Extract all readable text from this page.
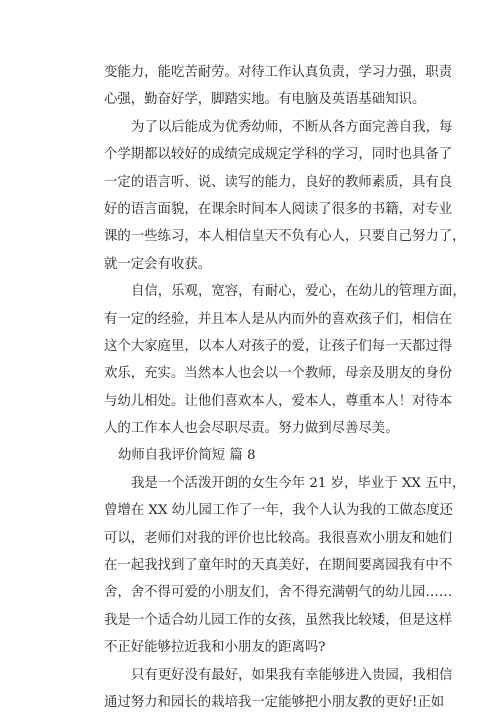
变能力，能吃苦耐劳。对待工作认真负责，学习力强，职责
心强，勤奋好学，脚踏实地。有电脑及英语基础知识。
为了以后能成为优秀幼师，不断从各方面完善自我，每
个学期都以较好的成绩完成规定学科的学习，同时也具备了
一定的语言听、说、读写的能力，良好的教师素质，具有良
好的语言面貌，在课余时间本人阅读了很多的书籍，对专业
课的一些练习，本人相信皇天不负有心人，只要自己努力了，
就一定会有收获。
自信，乐观，宽容，有耐心，爱心，在幼儿的管理方面，
有一定的经验，并且本人是从内而外的喜欢孩子们，相信在
这个大家庭里，以本人对孩子的爱，让孩子们每一天都过得
欢乐，充实。当然本人也会以一个教师，母亲及朋友的身份
与幼儿相处。让他们喜欢本人，爱本人，尊重本人！对待本
人的工作本人也会尽职尽责。努力做到尽善尽美。
幼师自我评价简短 篇 8
我是一个活泼开朗的女生今年 21 岁，毕业于 XX 五中，
曾增在 XX 幼儿园工作了一年，我个人认为我的工做态度还
可以，老师们对我的评价也比较高。我很喜欢小朋友和她们
在一起我找到了童年时的天真美好，在期间要离园我有中不
舍，舍不得可爱的小朋友们，舍不得充满朝气的幼儿园……
我是一个适合幼儿园工作的女孩，虽然我比较矮，但是这样
不正好能够拉近我和小朋友的距离吗?
只有更好没有最好，如果我有幸能够进入贵园，我相信
通过努力和园长的栽培我一定能够把小朋友教的更好!正如
